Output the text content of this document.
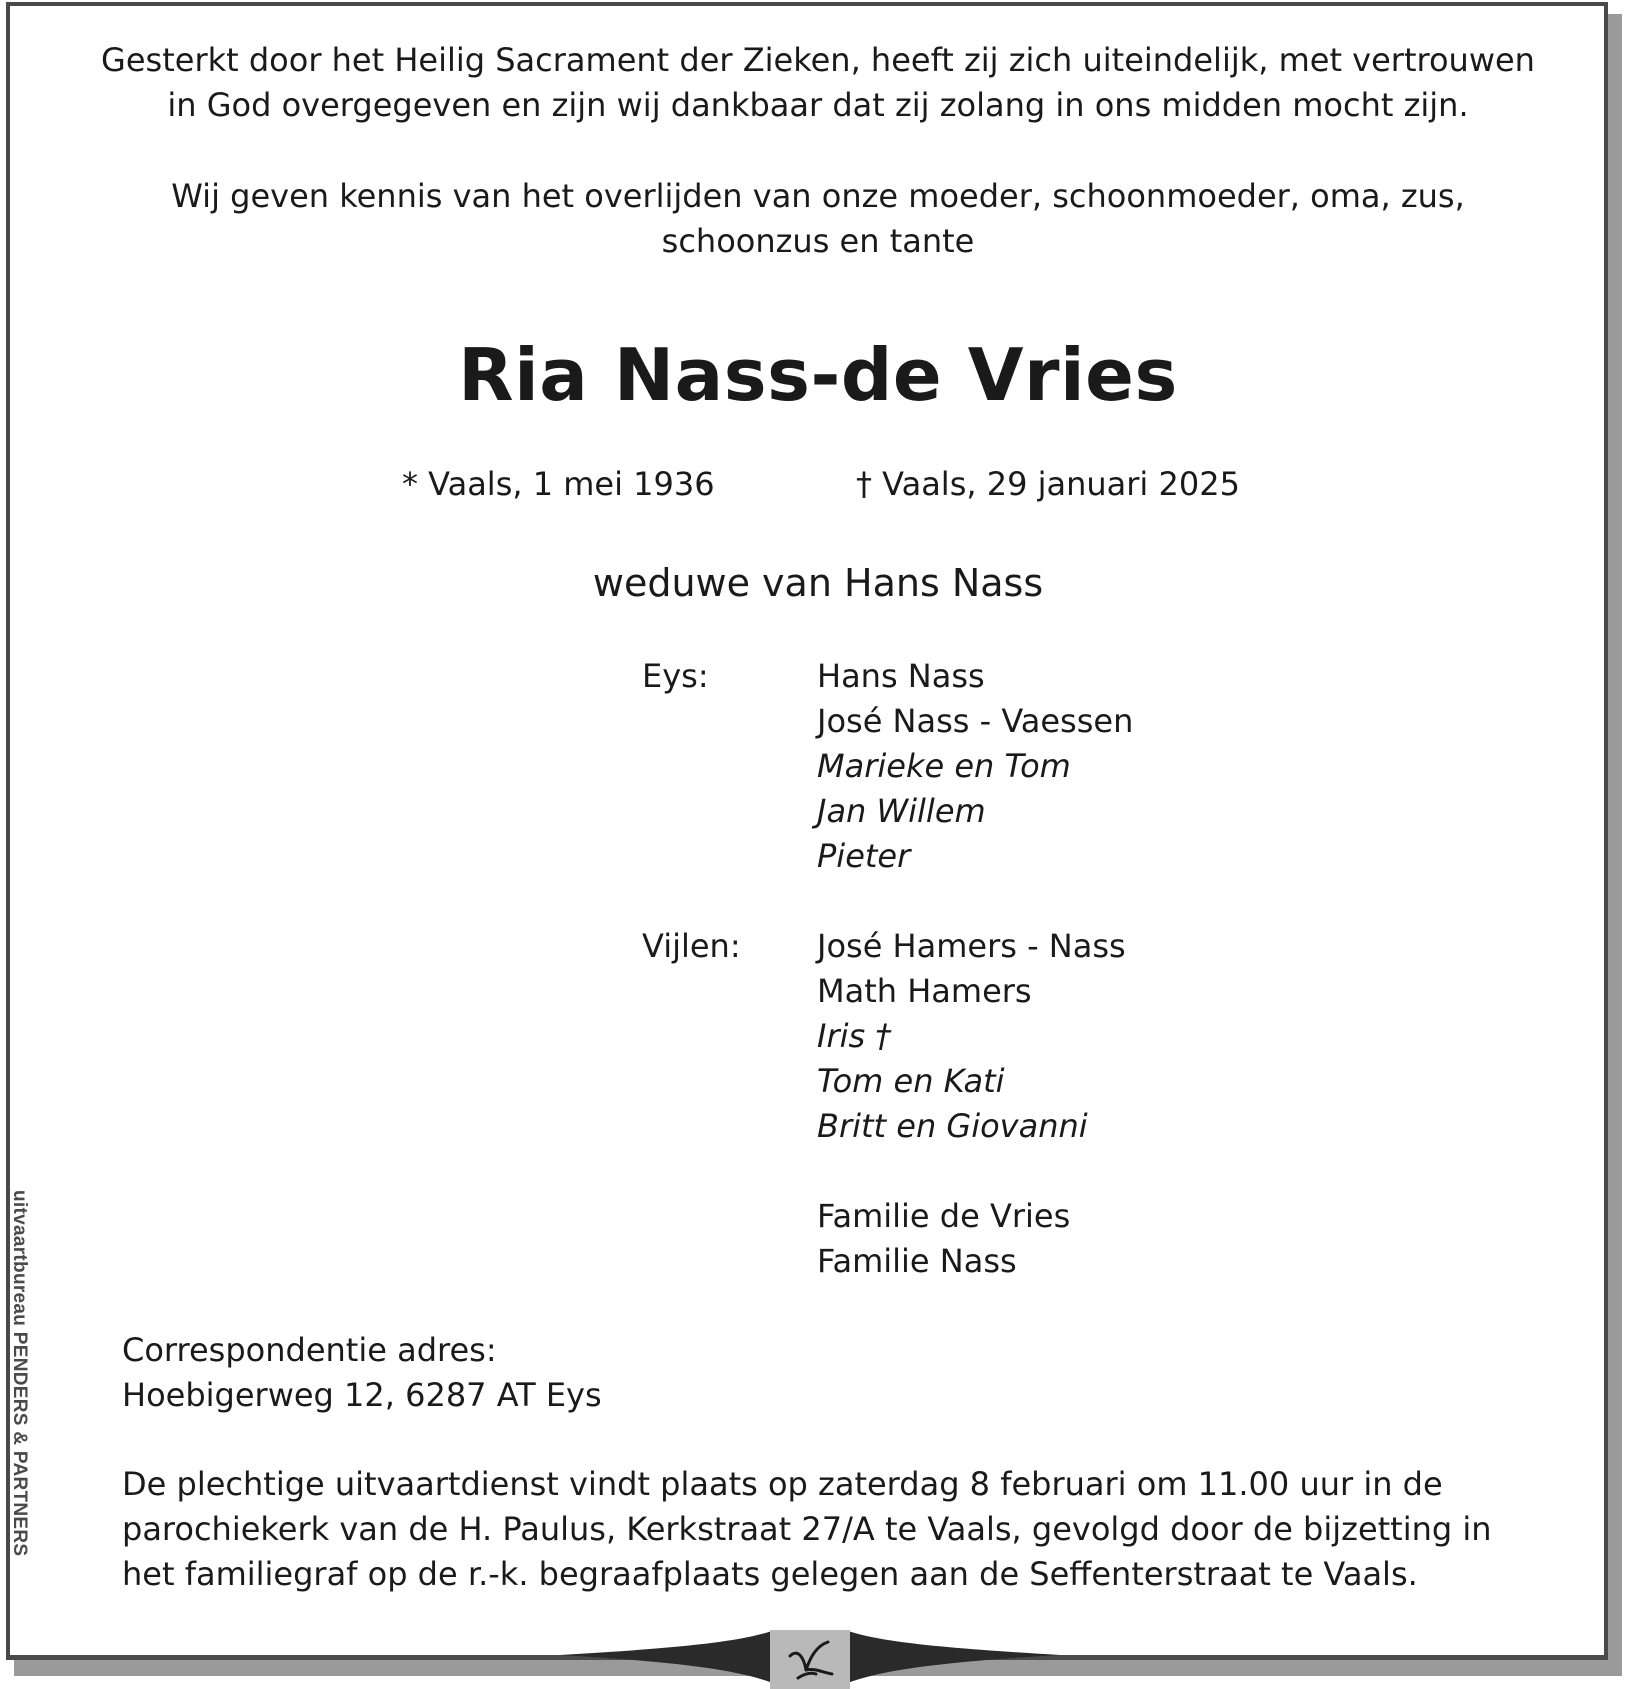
Gesterkt door het Heilig Sacrament der Zieken, heeft zij zich uiteindelijk, met vertrouwen
in God overgegeven en zijn wij dankbaar dat zij zolang in ons midden mocht zijn.
Wij geven kennis van het overlijden van onze moeder, schoonmoeder, oma, zus,
schoonzus en tante
Ria Nass-de Vries
* Vaals, 1 mei 1936	† Vaals, 29 januari 2025
weduwe van Hans Nass
Eys:	Hans Nass
José Nass - Vaessen
Marieke en Tom
Jan Willem
Pieter
Vijlen: José Hamers - Nass
Math Hamers
Iris †
Tom en Kati
Britt en Giovanni
Familie de Vries
Familie Nass
Correspondentie adres:
Hoebigerweg 12, 6287 AT Eys
De plechtige uitvaartdienst vindt plaats op zaterdag 8 februari om 11.00 uur in de
parochiekerk van de H. Paulus, Kerkstraat 27/A te Vaals, gevolgd door de bijzetting in
het familiegraf op de r.-k. begraafplaats gelegen aan de Seffenterstraat te Vaals.
uitvaartbureau PENDERS & PARTNERS
